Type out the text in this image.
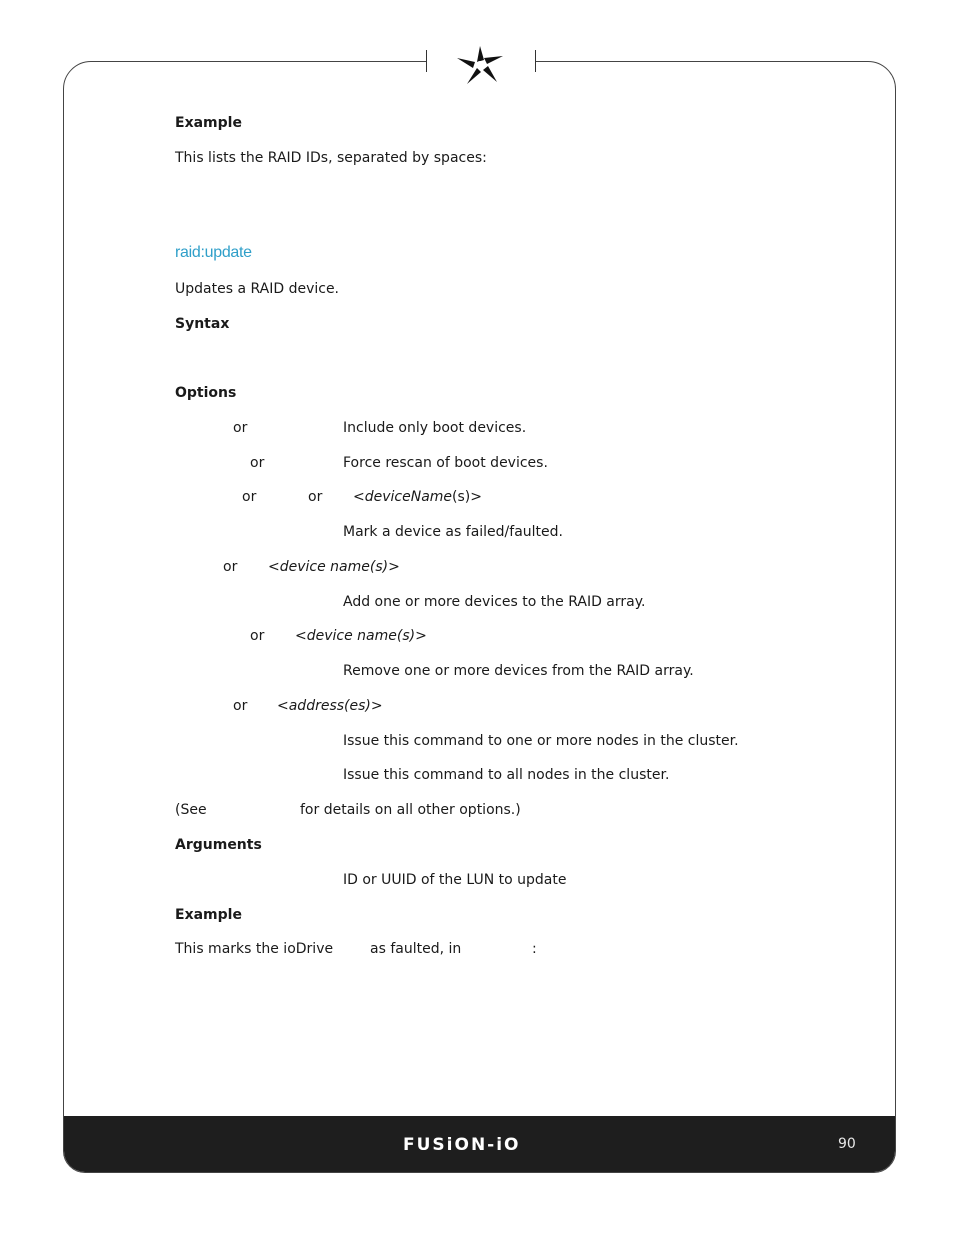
Example
This lists the RAID IDs, separated by spaces:
raid:update
Updates a RAID device.
Syntax
Options
or	Include only boot devices.
or	Force rescan of boot devices.
or	or <deviceName(s)>
Mark a device as failed/faulted.
or <device name(s)>
Add one or more devices to the RAID array.
or <device name(s)>
Remove one or more devices from the RAID array.
or <address(es)>
Issue this command to one or more nodes in the cluster.
Issue this command to all nodes in the cluster.
(See	for details on all other options.)
Arguments
ID or UUID of the LUN to update
Example
This marks the ioDrive	as faulted, in	:
FUSiON-iO	90
